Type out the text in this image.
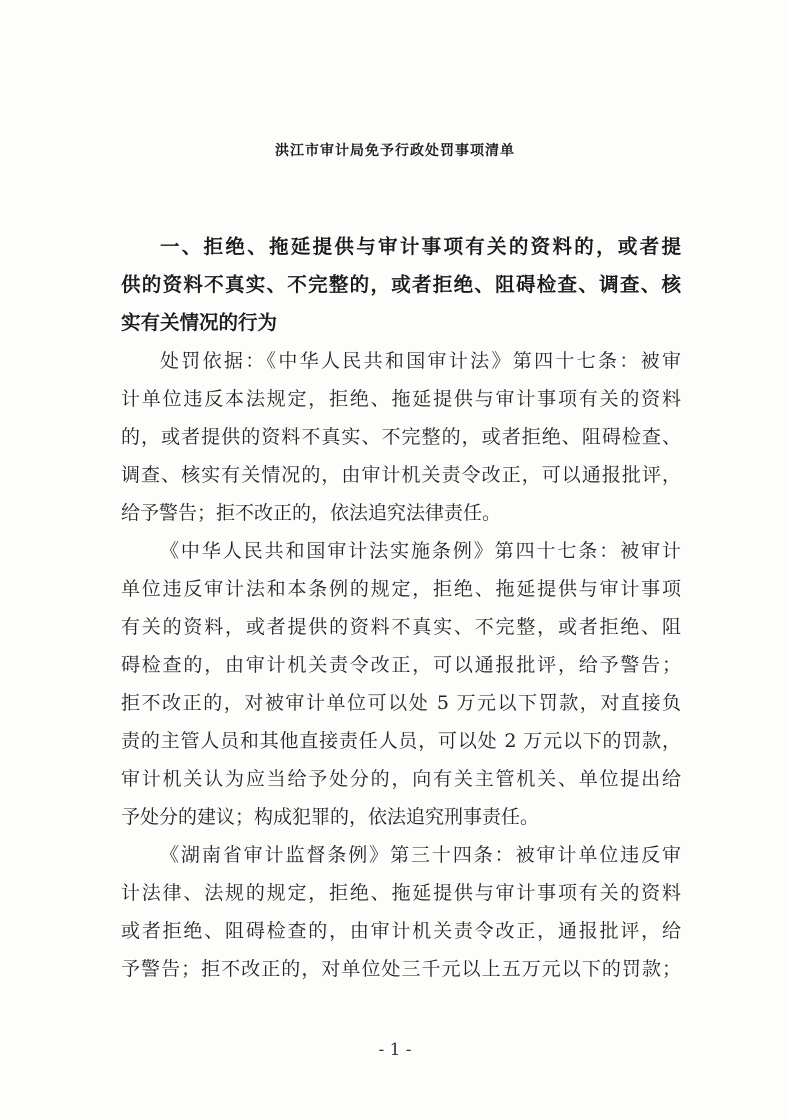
洪江市审计局免予行政处罚事项清单
一、拒绝、拖延提供与审计事项有关的资料的，或者提
供的资料不真实、不完整的，或者拒绝、阻碍检查、调查、核
实有关情况的行为
处罚依据：《中华人民共和国审计法》第四十七条：被审
计单位违反本法规定，拒绝、拖延提供与审计事项有关的资料
的，或者提供的资料不真实、不完整的，或者拒绝、阻碍检查、
调查、核实有关情况的，由审计机关责令改正，可以通报批评，
给予警告；拒不改正的，依法追究法律责任。
《中华人民共和国审计法实施条例》第四十七条：被审计
单位违反审计法和本条例的规定，拒绝、拖延提供与审计事项
有关的资料，或者提供的资料不真实、不完整，或者拒绝、阻
碍检查的，由审计机关责令改正，可以通报批评，给予警告；
拒不改正的，对被审计单位可以处 5 万元以下罚款，对直接负
责的主管人员和其他直接责任人员，可以处 2 万元以下的罚款，
审计机关认为应当给予处分的，向有关主管机关、单位提出给
予处分的建议；构成犯罪的，依法追究刑事责任。
《湖南省审计监督条例》第三十四条：被审计单位违反审
计法律、法规的规定，拒绝、拖延提供与审计事项有关的资料
或者拒绝、阻碍检查的，由审计机关责令改正，通报批评，给
予警告；拒不改正的，对单位处三千元以上五万元以下的罚款；
- 1 -
